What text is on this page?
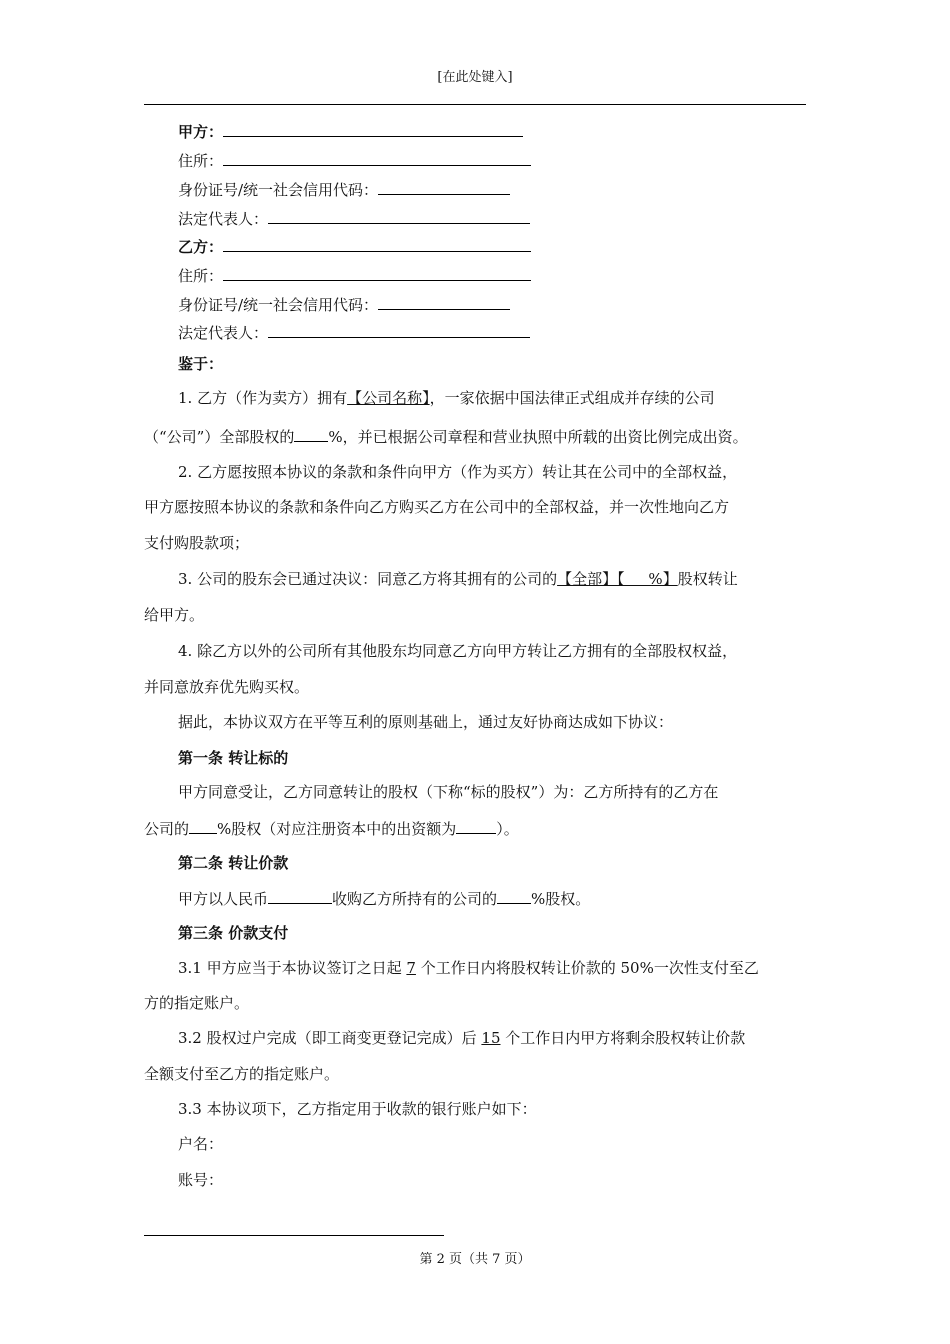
[在此处键入]
甲方：
住所：
身份证号/统一社会信用代码：
法定代表人：
乙方：
住所：
身份证号/统一社会信用代码：
法定代表人：
鉴于：
1. 乙方（作为卖方）拥有【公司名称】，一家依据中国法律正式组成并存续的公司
（“公司”）全部股权的 %，并已根据公司章程和营业执照中所载的出资比例完成出资。
2. 乙方愿按照本协议的条款和条件向甲方（作为买方）转让其在公司中的全部权益，
甲方愿按照本协议的条款和条件向乙方购买乙方在公司中的全部权益，并一次性地向乙方
支付购股款项；
3. 公司的股东会已通过决议：同意乙方将其拥有的公司的【全部】【     %】股权转让
给甲方。
4. 除乙方以外的公司所有其他股东均同意乙方向甲方转让乙方拥有的全部股权权益，
并同意放弃优先购买权。
据此，本协议双方在平等互利的原则基础上，通过友好协商达成如下协议：
第一条 转让标的
甲方同意受让，乙方同意转让的股权（下称“标的股权”）为：乙方所持有的乙方在
公司的 %股权（对应注册资本中的出资额为	）。
第二条 转让价款
甲方以人民币	收购乙方所持有的公司的 %股权。
第三条 价款支付
3.1 甲方应当于本协议签订之日起 7 个工作日内将股权转让价款的 50%一次性支付至乙
方的指定账户。
3.2 股权过户完成（即工商变更登记完成）后 15 个工作日内甲方将剩余股权转让价款
全额支付至乙方的指定账户。
3.3 本协议项下，乙方指定用于收款的银行账户如下：
户名：
账号：
第 2 页（共 7 页）
